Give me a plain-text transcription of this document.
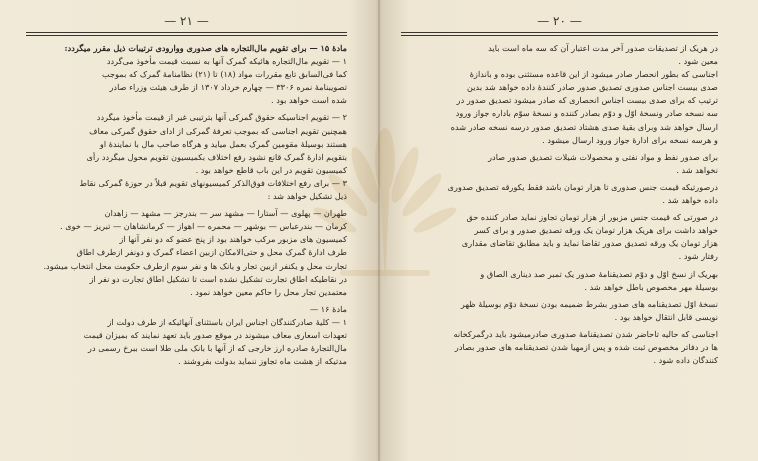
— ٢١ —

مادهٔ ۱۵ — برای تقویم مال‌التجاره های صدوری ووارودی ترتیبات ذیل مقرر میگردد:

۱ — تقویم مال‌التجاره هائیکه گمرک آنها به نسبت قیمت مأخوذ می‌گردد

کما فی‌السابق تابع مقررات مواد (۱۸) تا (۲۱) نظامنامهٔ گمرک که بموجب

تصویبنامهٔ نمره ۳۳۰۶ — چهارم خرداد ۱۳۰۷ از طرف هیئت وزراء صادر

شده است خواهد بود .

۲ — تقویم اجناسیکه حقوق گمرکی آنها بترتیبی غیر از قیمت مأخوذ میگردد

همچنین تقویم اجناسی که بموجب تعرفهٔ گمرکی از ادای حقوق گمرکی معاف

هستند بوسیلهٔ مقومین گمرک بعمل میاید و هرگاه صاحب مال با نمایندهٔ او

بتقویم ادارهٔ گمرک قانع نشود رفع اختلاف بکمیسیون تقویم محول میگردد رأی

کمیسیون تقویم در این باب قاطع خواهد بود .

۳ — برای رفع اختلافات فوق‌الذکر کمیسیونهای تقویم قبلاً در حوزهٔ گمرکی نقاط

ذیل تشکیل خواهد شد :

طهران — پهلوی — آستارا — مشهد سر — بندرجز — مشهد — زاهدان

کرمان — بندرعباس — بوشهر — محمره — اهواز — کرمانشاهان — تبریز — خوی .

کمیسیون های مزبور مرکب خواهند بود از پنج عضو که دو نفر آنها از

طرف ادارهٔ گمرک محل و حتی‌الامکان ازبین اعضاء گمرک و دونفر ازطرف اطاق

تجارت محل و یکنفر ازبین تجار و بانک ها و نفر سوم ازطرف حکومت محل انتخاب میشود.

در نقاطیکه اطاق تجارت تشکیل نشده است تا تشکیل اطاق تجارت دو نفر از

معتمدین تجار محل را حاکم معین خواهد نمود .

مادهٔ ۱۶ —

۱ — کلیهٔ صادرکنندگان اجناس ایران باستثنای آنهائیکه از طرف دولت از

تعهدات اسعاری معاف میشوند در موقع صدور باید تعهد نمایند که بمیزان قیمت

مال‌التجارهٔ صادره ارز خارجی که از آنها با بانک ملی طلا است ببرخ رسمی در

مدتیکه از هشت ماه تجاوز ننماید بدولت بفروشند .

— ٢٠ —

در هریک از تصدیقات صدور آخر مدت اعتبار آن که سه ماه است باید

معین شود .

اجناسی که بطور انحصار صادر میشود از این قاعده مستثنی بوده و باندازهٔ

صدی بیست اجناس صدوری تصدیق صدور صادر کنندهٔ داده خواهد شد بدین

ترتیب که برای صدی بیست اجناس انحصاری که صادر میشود تصدیق صدور در

سه نسخه صادر ونسخهٔ اوّل و دوّم بصادر کننده و نسخهٔ سوّم باداره جواز ورود

ارسال خواهد شد وبرای بقیهٔ صدی هشتاد تصدیق صدور درسه نسخه صادر شده

و هرسه نسخه برای ادارهٔ جواز ورود ارسال میشود .

برای صدور نفط و مواد نفتی و محصولات شیلات تصدیق صدور صادر

نخواهد شد .

درصورتیکه قیمت جنس صدوری تا هزار تومان باشد فقط یکورقه تصدیق صدوری

داده خواهد شد .

در صورتی که قیمت جنس مزبور از هزار تومان تجاوز نماید صادر کننده حق

خواهد داشت برای هریک هزار تومان یک ورقه تصدیق صدور و برای کسر

هزار تومان یک ورقه تصدیق صدور تقاضا نماید و باید مطابق تقاضای مقداری

رفتار شود .

بهریک از نسخ اوّل و دوّم تصدیقنامهٔ صدور یک تمبر صد دیناری الصاق و

بوسیلهٔ مهر مخصوص باطل خواهد شد .

نسخهٔ اوّل تصدیقنامه های صدور بشرط ضمیمه بودن نسخهٔ دوّم بوسیلهٔ ظهر

نویسی قابل انتقال خواهد بود .

اجناسی که حالیه تاحاضر شدن تصدیقنامهٔ صدوری صادرمیشود باید درگمرکخانه

ها در دفاتر مخصوص ثبت شده و پس ازمهیا شدن تصدیقنامه های صدور بصادر

کنندگان داده شود .
